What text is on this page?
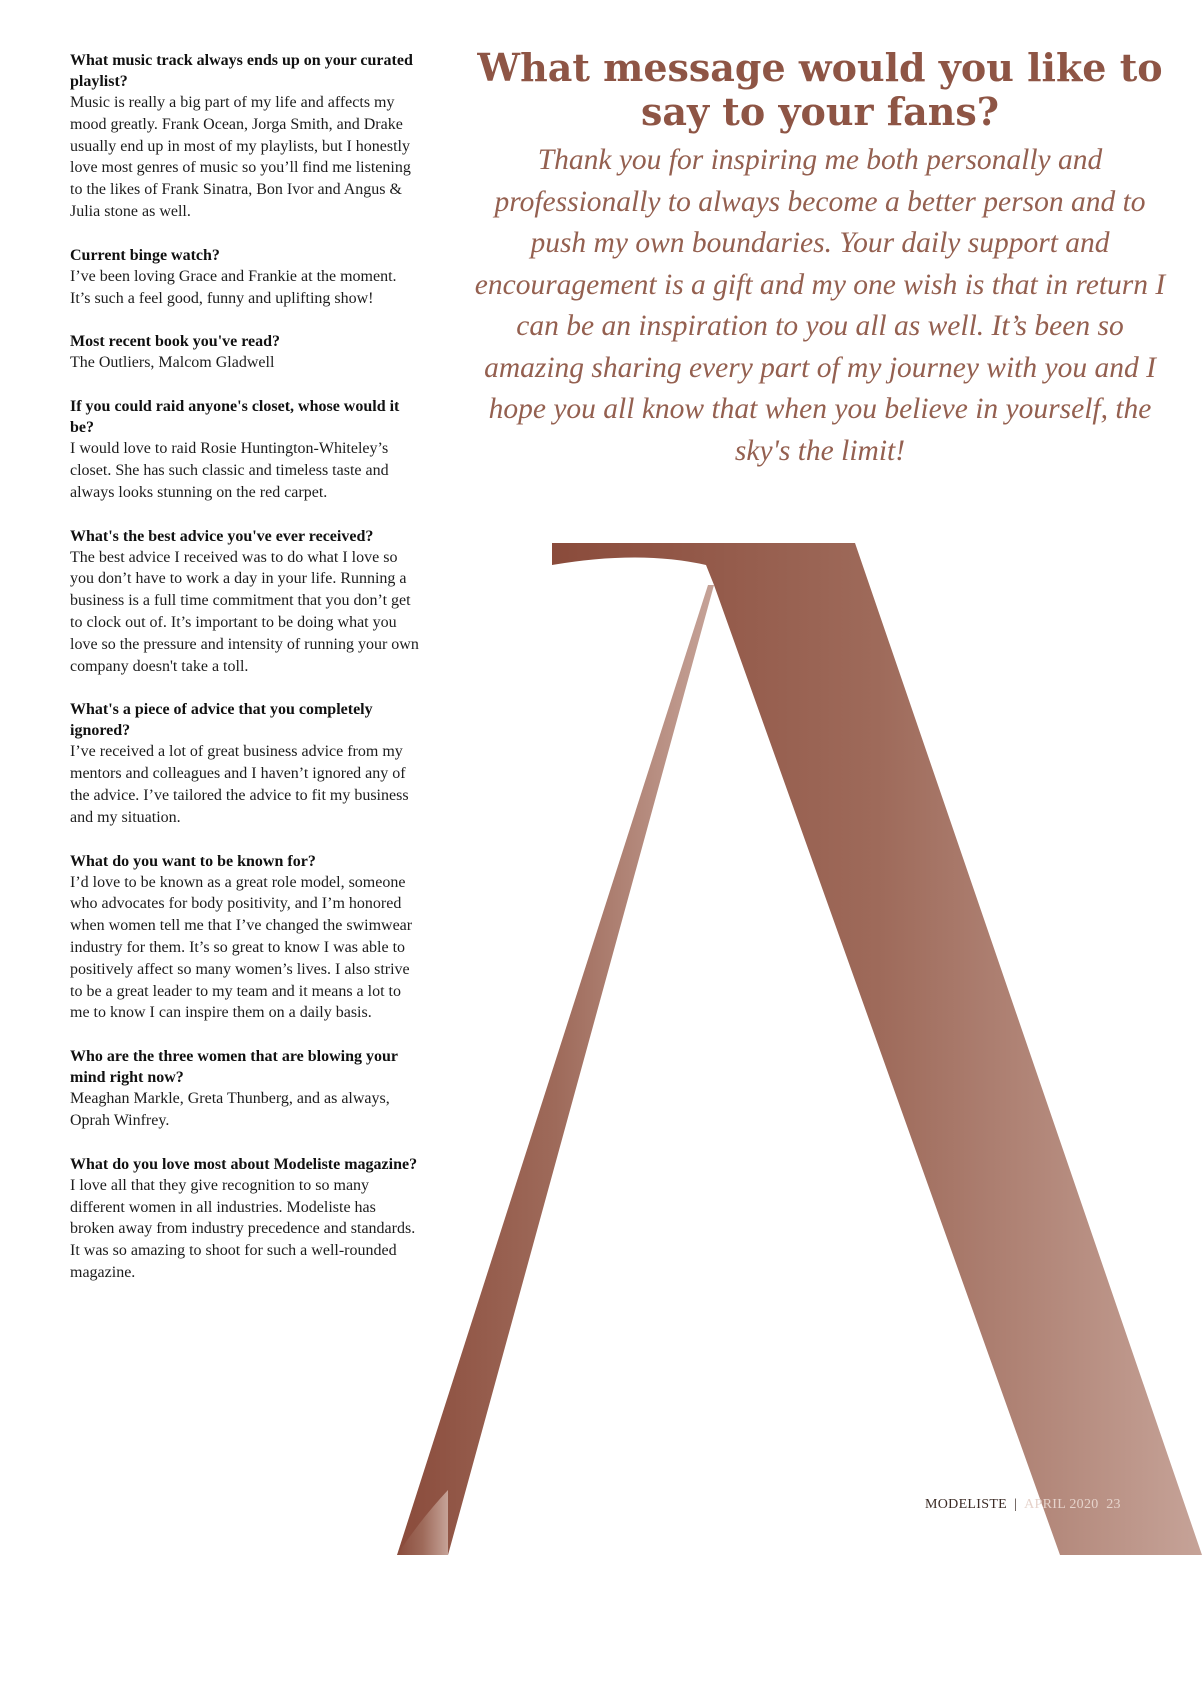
What music track always ends up on your curated playlist?

Music is really a big part of my life and affects my mood greatly. Frank Ocean, Jorga Smith, and Drake usually end up in most of my playlists, but I honestly love most genres of music so you’ll find me listening to the likes of Frank Sinatra, Bon Ivor and Angus & Julia stone as well.

Current binge watch?

I’ve been loving Grace and Frankie at the moment. It’s such a feel good, funny and uplifting show!

Most recent book you've read?

The Outliers, Malcom Gladwell

If you could raid anyone's closet, whose would it be?

I would love to raid Rosie Huntington-Whiteley’s closet. She has such classic and timeless taste and always looks stunning on the red carpet.

What's the best advice you've ever received?

The best advice I received was to do what I love so you don’t have to work a day in your life. Running a business is a full time commitment that you don’t get to clock out of. It’s important to be doing what you love so the pressure and intensity of running your own company doesn't take a toll.

What's a piece of advice that you completely ignored?

I’ve received a lot of great business advice from my mentors and colleagues and I haven’t ignored any of the advice. I’ve tailored the advice to fit my business and my situation.

What do you want to be known for?

I’d love to be known as a great role model, someone who advocates for body positivity, and I’m honored when women tell me that I’ve changed the swimwear industry for them. It’s so great to know I was able to positively affect so many women’s lives. I also strive to be a great leader to my team and it means a lot to me to know I can inspire them on a daily basis.

Who are the three women that are blowing your mind right now?

Meaghan Markle, Greta Thunberg, and as always, Oprah Winfrey.

What do you love most about Modeliste magazine?

I love all that they give recognition to so many different women in all industries. Modeliste has broken away from industry precedence and standards. It was so amazing to shoot for such a well-rounded magazine.

What message would you like to say to your fans?

Thank you for inspiring me both personally and professionally to always become a better person and to push my own boundaries. Your daily support and encouragement is a gift and my one wish is that in return I can be an inspiration to you all as well. It’s been so amazing sharing every part of my journey with you and I hope you all know that when you believe in yourself, the sky's the limit!

MODELISTE | APRIL 2020 23
